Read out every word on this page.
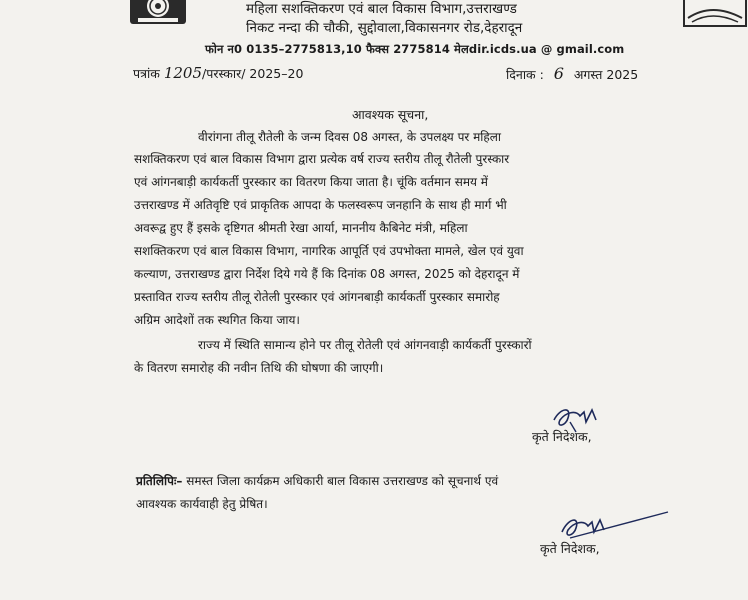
महिला सशक्तिकरण एवं बाल विकास विभाग,उत्तराखण्ड
निकट नन्दा की चौकी, सुद्दोवाला,विकासनगर रोड,देहरादून
फोन न0 0135–2775813,10 फैक्स 2775814 मेलdir.icds.ua @ gmail.com
पत्रांक 1205/परस्कार/ 2025–20	दिनाक : 6 अगस्त 2025
आवश्यक सूचना,
वीरांगना तीलू रौतेली के जन्म दिवस 08 अगस्त, के उपलक्ष्य पर महिला
सशक्तिकरण एवं बाल विकास विभाग द्वारा प्रत्येक वर्ष राज्य स्तरीय तीलू रौतेली पुरस्कार
एवं आंगनबाड़ी कार्यकर्ती पुरस्कार का वितरण किया जाता है। चूंकि वर्तमान समय में
उत्तराखण्ड में अतिवृष्टि एवं प्राकृतिक आपदा के फलस्वरूप जनहानि के साथ ही मार्ग भी
अवरूद्व हुए हैं इसके दृष्टिगत श्रीमती रेखा आर्या, माननीय कैबिनेट मंत्री, महिला
सशक्तिकरण एवं बाल विकास विभाग, नागरिक आपूर्ति एवं उपभोक्ता मामले, खेल एवं युवा
कल्याण, उत्तराखण्ड द्वारा निर्देश दिये गये हैं कि दिनांक 08 अगस्त, 2025 को देहरादून में
प्रस्तावित राज्य स्तरीय तीलू रोतेली पुरस्कार एवं आंगनबाड़ी कार्यकर्ती पुरस्कार समारोह
अग्रिम आदेशों तक स्थगित किया जाय।
राज्य में स्थिति सामान्य होने पर तीलू रोतेली एवं आंगनवाड़ी कार्यकर्ती पुरस्कारों
के वितरण समारोह की नवीन तिथि की घोषणा की जाएगी।
कृते निदेशक,
प्रतिलिपिः– समस्त जिला कार्यक्रम अधिकारी बाल विकास उत्तराखण्ड को सूचनार्थ एवं
आवश्यक कार्यवाही हेतु प्रेषित।
कृते निदेशक,
